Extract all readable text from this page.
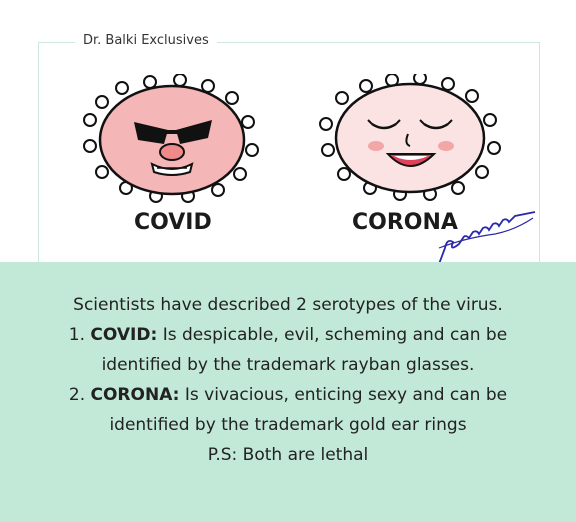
Dr. Balki Exclusives
COVID	CORONA
Scientists have described 2 serotypes of the virus.
1. COVID: Is despicable, evil, scheming and can be
identified by the trademark rayban glasses.
2. CORONA: Is vivacious, enticing sexy and can be
identified by the trademark gold ear rings
P.S: Both are lethal
